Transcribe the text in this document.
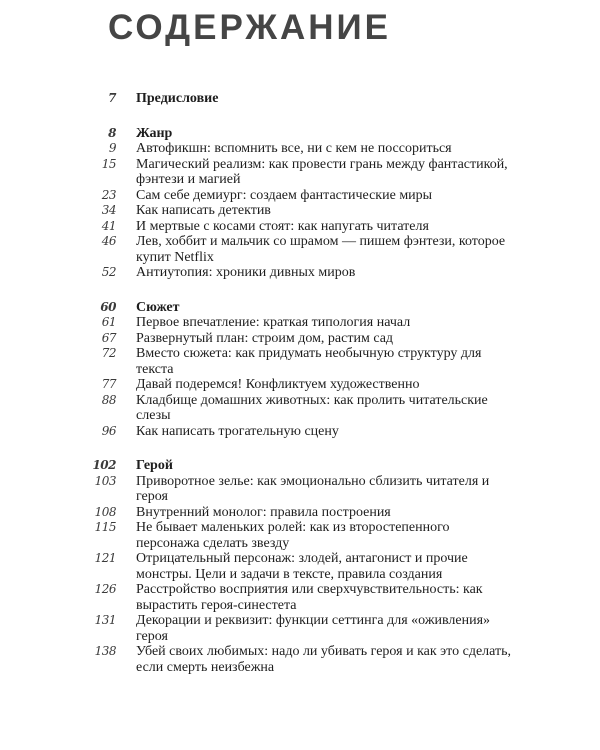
СОДЕРЖАНИЕ
7	Предисловие
8	Жанр
9	Автофикшн: вспомнить все, ни с кем не поссориться
15	Магический реализм: как провести грань между фантастикой, фэнтези и магией
23	Сам себе демиург: создаем фантастические миры
34	Как написать детектив
41	И мертвые с косами стоят: как напугать читателя
46	Лев, хоббит и мальчик со шрамом — пишем фэнтези, которое купит Netflix
52	Антиутопия: хроники дивных миров
60	Сюжет
61	Первое впечатление: краткая типология начал
67	Развернутый план: строим дом, растим сад
72	Вместо сюжета: как придумать необычную структуру для текста
77	Давай подеремся! Конфликтуем художественно
88	Кладбище домашних животных: как пролить читательские слезы
96	Как написать трогательную сцену
102	Герой
103	Приворотное зелье: как эмоционально сблизить читателя и героя
108	Внутренний монолог: правила построения
115	Не бывает маленьких ролей: как из второстепенного персонажа сделать звезду
121	Отрицательный персонаж: злодей, антагонист и прочие монстры. Цели и задачи в тексте, правила создания
126	Расстройство восприятия или сверхчувствительность: как вырастить героя-синестета
131	Декорации и реквизит: функции сеттинга для «оживления» героя
138	Убей своих любимых: надо ли убивать героя и как это сделать, если смерть неизбежна
